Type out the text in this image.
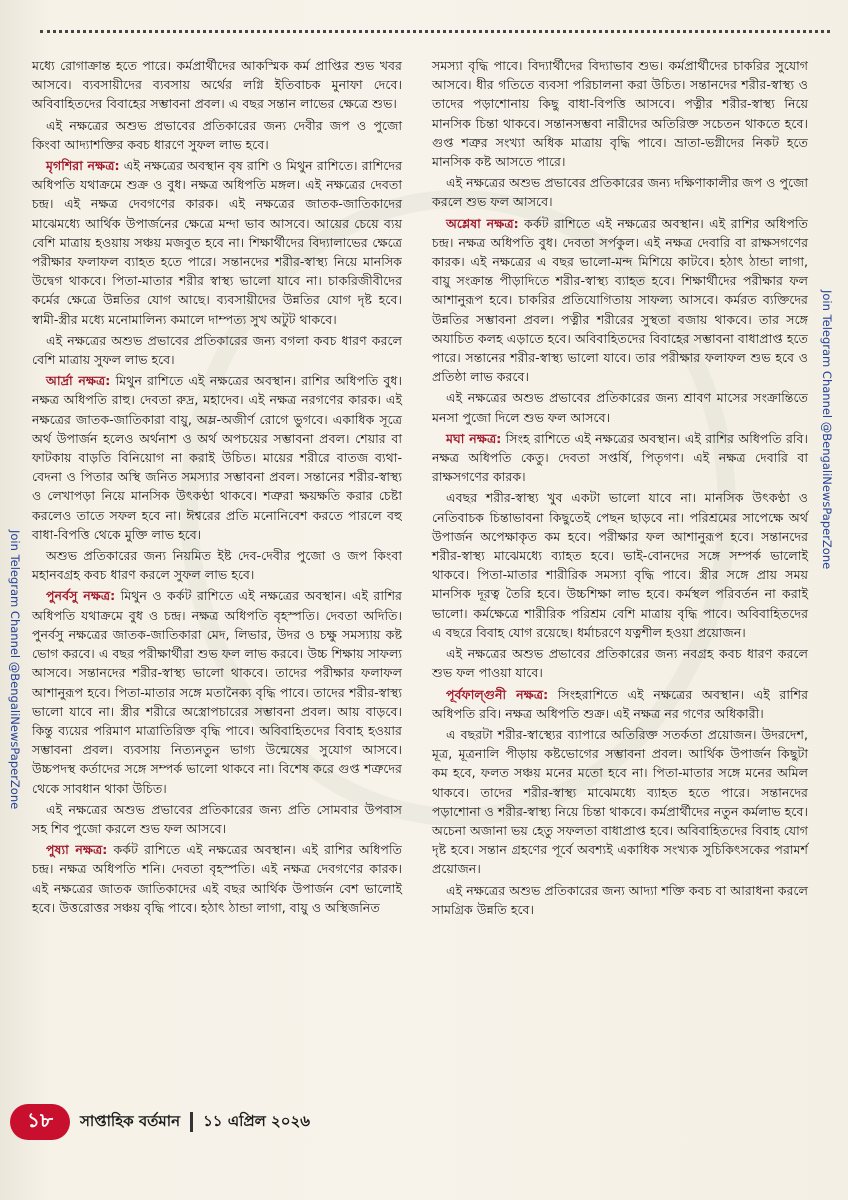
মধ্যে রোগাক্রান্ত হতে পারে। কর্মপ্রার্থীদের আকস্মিক কর্ম প্রাপ্তির শুভ খবর আসবে। ব্যবসায়ীদের ব্যবসায় অর্থের লগ্নি ইতিবাচক মুনাফা দেবে। অবিবাহিতদের বিবাহের সম্ভাবনা প্রবল। এ বছর সন্তান লাভের ক্ষেত্রে শুভ।

এই নক্ষত্রের অশুভ প্রভাবের প্রতিকারের জন্য দেবীর জপ ও পুজো কিংবা আদ্যাশক্তির কবচ ধারণে সুফল লাভ হবে।

মৃগশিরা নক্ষত্র: এই নক্ষত্রের অবস্থান বৃষ রাশি ও মিথুন রাশিতে। রাশিদের অধিপতি যথাক্রমে শুক্র ও বুধ। নক্ষত্র অধিপতি মঙ্গল। এই নক্ষত্রের দেবতা চন্দ্র। এই নক্ষত্র দেবগণের কারক। এই নক্ষত্রের জাতক-জাতিকাদের মাঝেমধ্যে আর্থিক উপার্জনের ক্ষেত্রে মন্দা ভাব আসবে। আয়ের চেয়ে ব্যয় বেশি মাত্রায় হওয়ায় সঞ্চয় মজবুত হবে না। শিক্ষার্থীদের বিদ্যালাভের ক্ষেত্রে পরীক্ষার ফলাফল ব্যাহত হতে পারে। সন্তানদের শরীর-স্বাস্থ্য নিয়ে মানসিক উদ্বেগ থাকবে। পিতা-মাতার শরীর স্বাস্থ্য ভালো যাবে না। চাকরিজীবীদের কর্মের ক্ষেত্রে উন্নতির যোগ আছে। ব্যবসায়ীদের উন্নতির যোগ দৃষ্ট হবে। স্বামী-স্ত্রীর মধ্যে মনোমালিন্য কমালে দাম্পত্য সুখ অটুট থাকবে।

এই নক্ষত্রের অশুভ প্রভাবের প্রতিকারের জন্য বগলা কবচ ধারণ করলে বেশি মাত্রায় সুফল লাভ হবে।

আর্দ্রা নক্ষত্র: মিথুন রাশিতে এই নক্ষত্রের অবস্থান। রাশির অধিপতি বুধ। নক্ষত্র অধিপতি রাহু। দেবতা রুদ্র, মহাদেব। এই নক্ষত্র নরগণের কারক। এই নক্ষত্রের জাতক-জাতিকারা বায়ু, অম্ল-অজীর্ণ রোগে ভুগবে। একাধিক সূত্রে অর্থ উপার্জন হলেও অর্থনাশ ও অর্থ অপচয়ের সম্ভাবনা প্রবল। শেয়ার বা ফাটকায় বাড়তি বিনিয়োগ না করাই উচিত। মায়ের শরীরে বাতজ ব্যথা-বেদনা ও পিতার অস্থি জনিত সমস্যার সম্ভাবনা প্রবল। সন্তানের শরীর-স্বাস্থ্য ও লেখাপড়া নিয়ে মানসিক উৎকণ্ঠা থাকবে। শত্রুরা ক্ষয়ক্ষতি করার চেষ্টা করলেও তাতে সফল হবে না। ঈশ্বরের প্রতি মনোনিবেশ করতে পারলে বহু বাধা-বিপত্তি থেকে মুক্তি লাভ হবে।

অশুভ প্রতিকারের জন্য নিয়মিত ইষ্ট দেব-দেবীর পুজো ও জপ কিংবা মহানবগ্রহ কবচ ধারণ করলে সুফল লাভ হবে।

পুনর্বসু নক্ষত্র: মিথুন ও কর্কট রাশিতে এই নক্ষত্রের অবস্থান। এই রাশির অধিপতি যথাক্রমে বুধ ও চন্দ্র। নক্ষত্র অধিপতি বৃহস্পতি। দেবতা অদিতি। পুনর্বসু নক্ষত্রের জাতক-জাতিকারা মেদ, লিভার, উদর ও চক্ষু সমস্যায় কষ্ট ভোগ করবে। এ বছর পরীক্ষার্থীরা শুভ ফল লাভ করবে। উচ্চ শিক্ষায় সাফল্য আসবে। সন্তানদের শরীর-স্বাস্থ্য ভালো থাকবে। তাদের পরীক্ষার ফলাফল আশানুরূপ হবে। পিতা-মাতার সঙ্গে মতানৈক্য বৃদ্ধি পাবে। তাদের শরীর-স্বাস্থ্য ভালো যাবে না। স্ত্রীর শরীরে অস্ত্রোপচারের সম্ভাবনা প্রবল। আয় বাড়বে। কিন্তু ব্যয়ের পরিমাণ মাত্রাতিরিক্ত বৃদ্ধি পাবে। অবিবাহিতদের বিবাহ হওয়ার সম্ভাবনা প্রবল। ব্যবসায় নিত্যনতুন ভাগ্য উন্মেষের সুযোগ আসবে। উচ্চপদস্থ কর্তাদের সঙ্গে সম্পর্ক ভালো থাকবে না। বিশেষ করে গুপ্ত শত্রুদের থেকে সাবধান থাকা উচিত।

এই নক্ষত্রের অশুভ প্রভাবের প্রতিকারের জন্য প্রতি সোমবার উপবাস সহ শিব পুজো করলে শুভ ফল আসবে।

পুষ্যা নক্ষত্র: কর্কট রাশিতে এই নক্ষত্রের অবস্থান। এই রাশির অধিপতি চন্দ্র। নক্ষত্র অধিপতি শনি। দেবতা বৃহস্পতি। এই নক্ষত্র দেবগণের কারক। এই নক্ষত্রের জাতক জাতিকাদের এই বছর আর্থিক উপার্জন বেশ ভালোই হবে। উত্তরোত্তর সঞ্চয় বৃদ্ধি পাবে। হঠাৎ ঠান্ডা লাগা, বায়ু ও অস্থিজনিত

সমস্যা বৃদ্ধি পাবে। বিদ্যার্থীদের বিদ্যাভাব শুভ। কর্মপ্রার্থীদের চাকরির সুযোগ আসবে। ধীর গতিতে ব্যবসা পরিচালনা করা উচিত। সন্তানদের শরীর-স্বাস্থ্য ও তাদের পড়াশোনায় কিছু বাধা-বিপত্তি আসবে। পত্নীর শরীর-স্বাস্থ্য নিয়ে মানসিক চিন্তা থাকবে। সন্তানসম্ভবা নারীদের অতিরিক্ত সচেতন থাকতে হবে। গুপ্ত শত্রুর সংখ্যা অধিক মাত্রায় বৃদ্ধি পাবে। ভ্রাতা-ভগ্নীদের নিকট হতে মানসিক কষ্ট আসতে পারে।

এই নক্ষত্রের অশুভ প্রভাবের প্রতিকারের জন্য দক্ষিণাকালীর জপ ও পুজো করলে শুভ ফল আসবে।

অশ্লেষা নক্ষত্র: কর্কট রাশিতে এই নক্ষত্রের অবস্থান। এই রাশির অধিপতি চন্দ্র। নক্ষত্র অধিপতি বুধ। দেবতা সর্পকুল। এই নক্ষত্র দেবারি বা রাক্ষসগণের কারক। এই নক্ষত্রের এ বছর ভালো-মন্দ মিশিয়ে কাটবে। হঠাৎ ঠান্ডা লাগা, বায়ু সংক্রান্ত পীড়াদিতে শরীর-স্বাস্থ্য ব্যাহত হবে। শিক্ষার্থীদের পরীক্ষার ফল আশানুরূপ হবে। চাকরির প্রতিযোগিতায় সাফল্য আসবে। কর্মরত ব্যক্তিদের উন্নতির সম্ভাবনা প্রবল। পত্নীর শরীরের সুস্থতা বজায় থাকবে। তার সঙ্গে অযাচিত কলহ এড়াতে হবে। অবিবাহিতদের বিবাহের সম্ভাবনা বাধাপ্রাপ্ত হতে পারে। সন্তানের শরীর-স্বাস্থ্য ভালো যাবে। তার পরীক্ষার ফলাফল শুভ হবে ও প্রতিষ্ঠা লাভ করবে।

এই নক্ষত্রের অশুভ প্রভাবের প্রতিকারের জন্য শ্রাবণ মাসের সংক্রান্তিতে মনসা পুজো দিলে শুভ ফল আসবে।

মঘা নক্ষত্র: সিংহ রাশিতে এই নক্ষত্রের অবস্থান। এই রাশির অধিপতি রবি। নক্ষত্র অধিপতি কেতু। দেবতা সপ্তর্ষি, পিতৃগণ। এই নক্ষত্র দেবারি বা রাক্ষসগণের কারক।

এবছর শরীর-স্বাস্থ্য খুব একটা ভালো যাবে না। মানসিক উৎকণ্ঠা ও নেতিবাচক চিন্তাভাবনা কিছুতেই পেছন ছাড়বে না। পরিশ্রমের সাপেক্ষে অর্থ উপার্জন অপেক্ষাকৃত কম হবে। পরীক্ষার ফল আশানুরূপ হবে। সন্তানদের শরীর-স্বাস্থ্য মাঝেমধ্যে ব্যাহত হবে। ভাই-বোনদের সঙ্গে সম্পর্ক ভালোই থাকবে। পিতা-মাতার শারীরিক সমস্যা বৃদ্ধি পাবে। স্ত্রীর সঙ্গে প্রায় সময় মানসিক দূরত্ব তৈরি হবে। উচ্চশিক্ষা লাভ হবে। কর্মস্থল পরিবর্তন না করাই ভালো। কর্মক্ষেত্রে শারীরিক পরিশ্রম বেশি মাত্রায় বৃদ্ধি পাবে। অবিবাহিতদের এ বছরে বিবাহ যোগ রয়েছে। ধর্মাচরণে যত্নশীল হওয়া প্রয়োজন।

এই নক্ষত্রের অশুভ প্রভাবের প্রতিকারের জন্য নবগ্রহ কবচ ধারণ করলে শুভ ফল পাওয়া যাবে।

পূর্বফাল্গুনী নক্ষত্র: সিংহরাশিতে এই নক্ষত্রের অবস্থান। এই রাশির অধিপতি রবি। নক্ষত্র অধিপতি শুক্র। এই নক্ষত্র নর গণের অধিকারী।

এ বছরটা শরীর-স্বাস্থ্যের ব্যাপারে অতিরিক্ত সতর্কতা প্রয়োজন। উদরদেশ, মূত্র, মূত্রনালি পীড়ায় কষ্টভোগের সম্ভাবনা প্রবল। আর্থিক উপার্জন কিছুটা কম হবে, ফলত সঞ্চয় মনের মতো হবে না। পিতা-মাতার সঙ্গে মনের অমিল থাকবে। তাদের শরীর-স্বাস্থ্য মাঝেমধ্যে ব্যাহত হতে পারে। সন্তানদের পড়াশোনা ও শরীর-স্বাস্থ্য নিয়ে চিন্তা থাকবে। কর্মপ্রার্থীদের নতুন কর্মলাভ হবে। অচেনা অজানা ভয় হেতু সফলতা বাধাপ্রাপ্ত হবে। অবিবাহিতদের বিবাহ যোগ দৃষ্ট হবে। সন্তান গ্রহণের পূর্বে অবশ্যই একাধিক সংখ্যক সুচিকিৎসকের পরামর্শ প্রয়োজন।

এই নক্ষত্রের অশুভ প্রতিকারের জন্য আদ্যা শক্তি কবচ বা আরাধনা করলে সামগ্রিক উন্নতি হবে।

Join Telegram Channel @BengaliNewsPaperZone
Join Telegram Channel @BengaliNewsPaperZone
১৮	সাপ্তাহিক বর্তমান ১১ এপ্রিল ২০২৬
